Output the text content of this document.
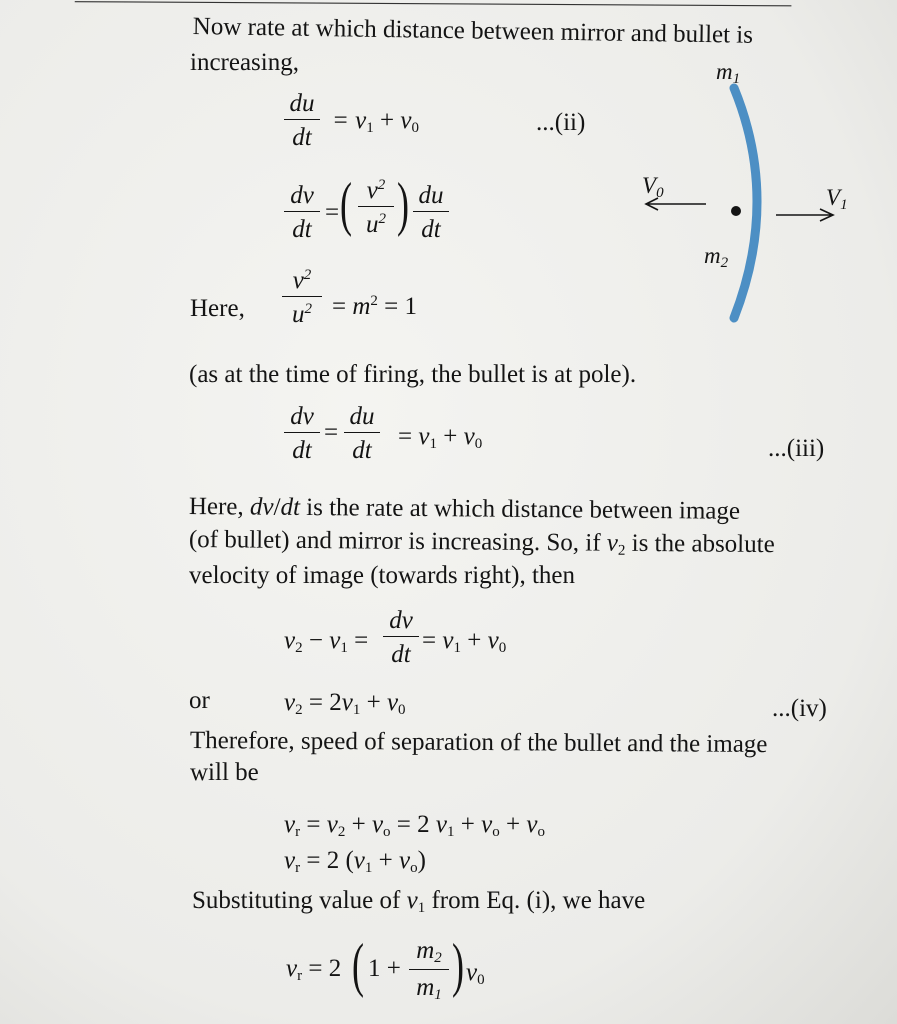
Now rate at which distance between mirror and bullet is
increasing,
$\frac{du}{dt} = v_1 + v_0$	...(ii)
$\frac{dv}{dt}$ = ( $\frac{v^2}{u^2}$ ) $\frac{du}{dt}$
Here, $\frac{v^2}{u^2} = m^2 = 1$
(as at the time of firing, the bullet is at pole).
$\frac{dv}{dt} = \frac{du}{dt} = v_1 + v_0$	...(iii)
Here, dv/dt is the rate at which distance between image
(of bullet) and mirror is increasing. So, if $v_2$ is the absolute
velocity of image (towards right), then
$v_2 - v_1 = \frac{dv}{dt} = v_1 + v_0$
or	$v_2 = 2v_1 + v_0$	...(iv)
Therefore, speed of separation of the bullet and the image
will be
$v_r = v_2 + v_o = 2$ $v_1 + v_o + v_o$
$v_r = 2$ $(v_1 + v_o)$
Substituting value of $v_1$ from Eq. (i), we have
$v_r = 2$ ( $1 + \frac{m_2}{m_1}$ ) $v_0$
$m_1$
$V_0$	$V_1$
$m_2$
